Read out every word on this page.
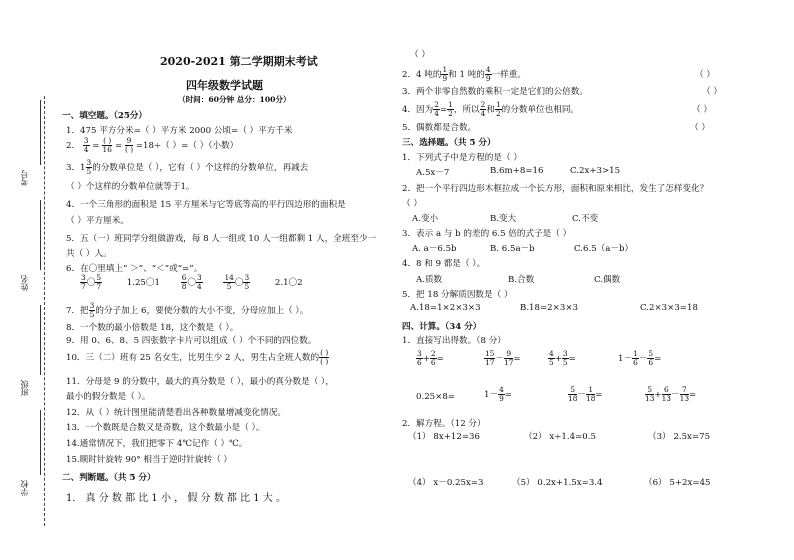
考号
姓名
班级
学校
2020-2021 第二学期期末考试
四年级数学试题
（时间：60分钟 总分：100分）
一、填空题。（25分）
1．475 平方分米=（ ）平方米 2000 公顷=（ ）平方千米
2． $\frac{3}{4} = \frac{( )}{16} = \frac{9}{( )} =18\div$（ ）=（ ）（小数）
3．$1 \frac{3}{5}$ 的分数单位是（ ），它有（ ）个这样的分数单位，再减去
（ ）个这样的分数单位就等于1。
4．一个三角形的面积是 15 平方厘米与它等底等高的平行四边形的面积是
（ ）平方厘米。
5．五（一）班同学分组做游戏，每 8 人一组或 10 人一组都剩 1 人，全班至少一
共（ ）人。
6．在〇里填上“ ＞”、“＜”或“=”。
$\frac{3}{7}$ 〇 $\frac{5}{7}$	1.25〇1	$\frac{6}{8}$ 〇 $\frac{3}{4}$
	$\frac{14}{5}$ 〇 $\frac{3}{5}$	2.1〇2
7．把 $\frac{3}{5}$ 的分子加上 6，要使分数的大小不变，分母应加上（ ）。
8．一个数的最小倍数是 18，这个数是（ ）。
9．用 0、6、8、5 四张数字卡片可以组成（ ）个不同的四位数。
10．三（二）班有 25 名女生，比男生少 2 人，男生占全班人数的 $\frac{( )}{( )}$
11．分母是 9 的分数中，最大的真分数是（ ），最小的真分数是（ ），
最小的假分数是（ ）。
12．从（ ）统计图里能清楚看出各种数量增减变化情况。
13．一个数既是合数又是奇数，这个数最小是（ ）。
14.通常情况下，我们把零下 4℃记作（ ）℃。
15.顺时针旋转 90° 相当于逆时针旋转（ ）
二、判断题。（共 5 分）
1． 真 分 数 都 比 1 小 ， 假 分 数 都 比 1 大 。
（ ）
2．4 吨的 $\frac{1}{9}$ 和 1 吨的 $\frac{4}{9}$ 一样重。	（ ）
3．两个非零自然数的乘积一定是它们的公倍数。	（ ）
4．因为 $\frac{2}{4} = \frac{1}{2}$ ，所以 $\frac{2}{4}$ 和 $\frac{1}{2}$ 的分数单位也相同。	（ ）
5．偶数都是合数。	（ ）
三、选择题。（共 5 分）
1．下列式子中是方程的是（ ）
A.5x－7	B.6m+8=16	C.2x+3>15
2．把一个平行四边形木框拉成一个长方形，面积和原来相比，发生了怎样变化？
（ ）
A.变小	B.变大	C.不变
3．表示 a 与 b 的差的 6.5 倍的式子是（ ）
A. a－6.5b	B. 6.5a－b	C.6.5（a－b）
4．8 和 9 都是（ ）。
A.质数	B.合数	C.偶数
5．把 18 分解质因数是（ ）
A.18=1×2×3×3	B.18=2×3×3	C.2×3×3=18
四、计算。（34 分）
1．直接写出得数。（8 分）
$\frac{3}{6} + \frac{2}{6}$ =	$\frac{15}{17} - \frac{9}{17}$ =	$\frac{4}{5} + \frac{3}{5}$ =	$1- \frac{1}{6} - \frac{5}{6}$ =
0.25×8=	$1- \frac{4}{9}$ =	$\frac{5}{18} - \frac{1}{18}$ =	$\frac{5}{13} + \frac{6}{13} - \frac{7}{13}$ =
2．解方程。（12 分）
（1） 8x+12=36	（2） x÷1.4=0.5	（3） 2.5x=75
（4） x－0.25x=3	（5） 0.2x+1.5x=3.4	（6） 5+2x=45
